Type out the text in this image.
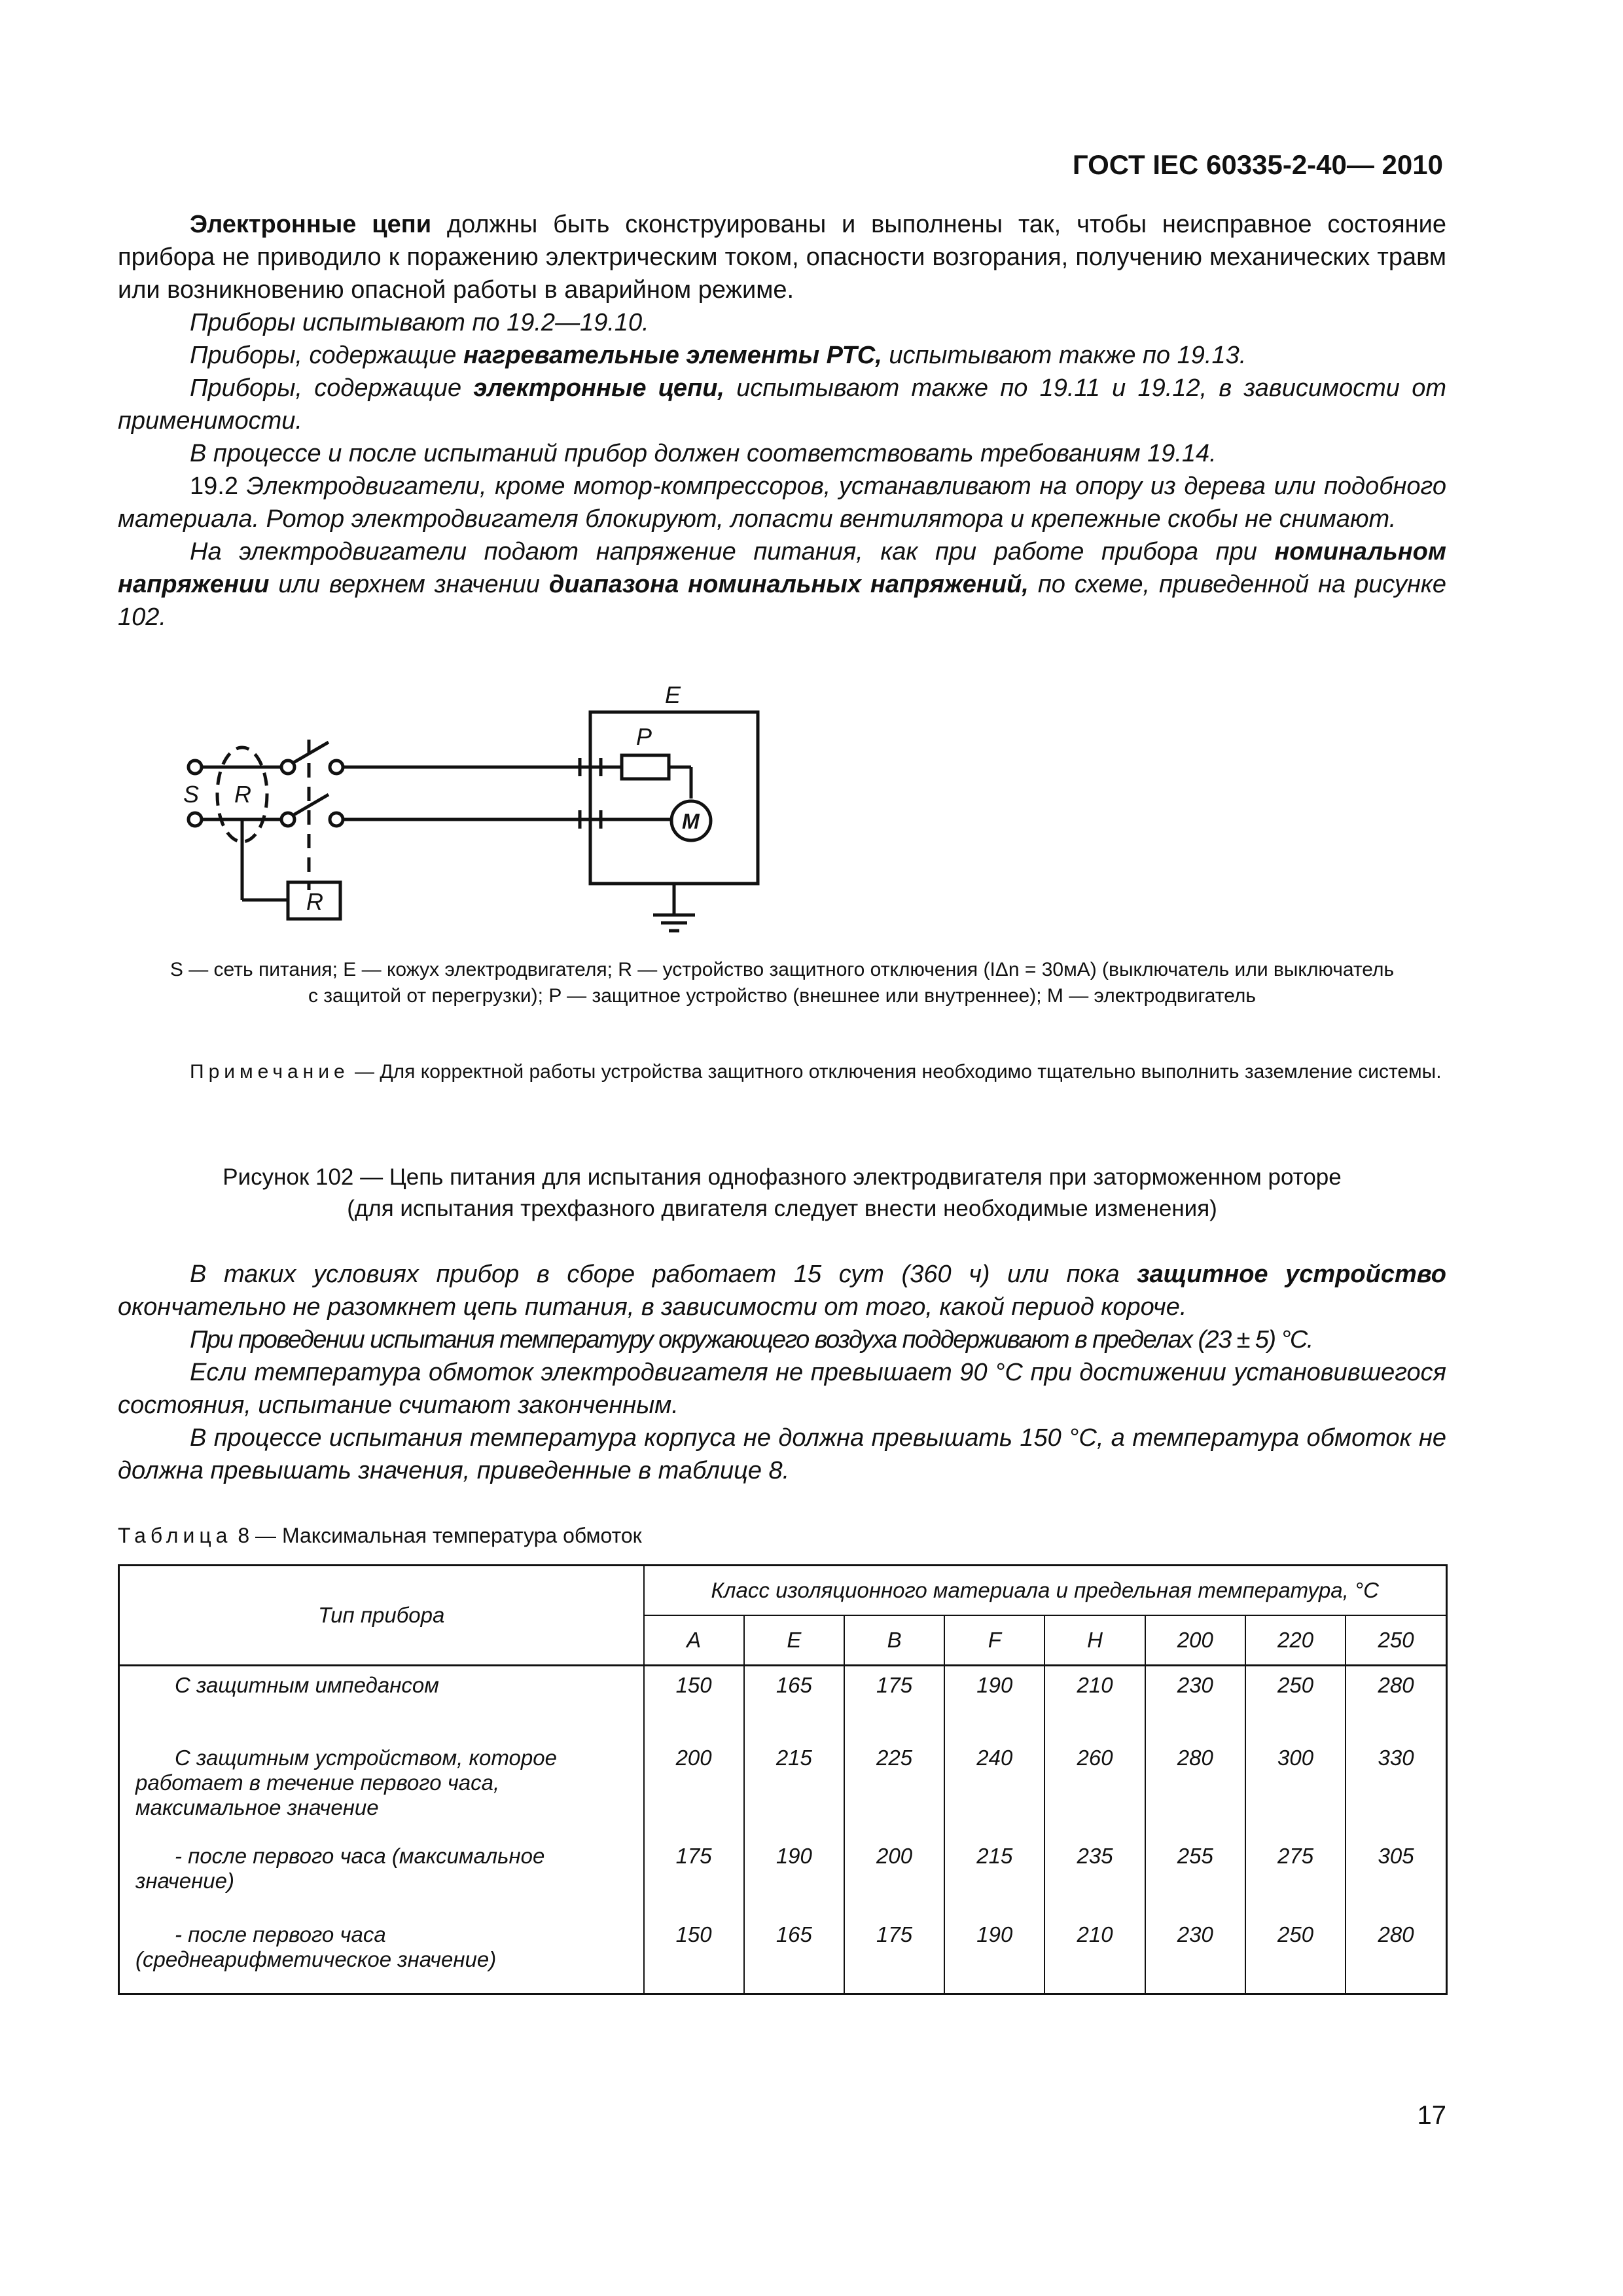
ГОСТ IEC 60335-2-40— 2010

Электронные цепи должны быть сконструированы и выполнены так, чтобы неисправное состояние прибора не приводило к поражению электрическим током, опасности возгорания, получению механических травм или возникновению опасной работы в аварийном режиме.

Приборы испытывают по 19.2—19.10.

Приборы, содержащие нагревательные элементы РТС, испытывают также по 19.13.

Приборы, содержащие электронные цепи, испытывают также по 19.11 и 19.12, в зависимости от применимости.

В процессе и после испытаний прибор должен соответствовать требованиям 19.14.

19.2 Электродвигатели, кроме мотор-компрессоров, устанавливают на опору из дерева или подобного материала. Ротор электродвигателя блокируют, лопасти вентилятора и крепежные скобы не снимают.

На электродвигатели подают напряжение питания, как при работе прибора при номинальном напряжении или верхнем значении диапазона номинальных напряжений, по схеме, приведенной на рисунке 102.

E
P
M
S R
R
S — сеть питания; E — кожух электродвигателя; R — устройство защитного отключения (IΔn = 30мА) (выключатель или выключатель
с защитой от перегрузки); P — защитное устройство (внешнее или внутреннее); M — электродвигатель
Примечание — Для корректной работы устройства защитного отключения необходимо тщательно выполнить заземление системы.
Рисунок 102 — Цепь питания для испытания однофазного электродвигателя при заторможенном роторе
(для испытания трехфазного двигателя следует внести необходимые изменения)

В таких условиях прибор в сборе работает 15 сут (360 ч) или пока защитное устройство окончательно не разомкнет цепь питания, в зависимости от того, какой период короче.

При проведении испытания температуру окружающего воздуха поддерживают в пределах (23 ± 5) °С.

Если температура обмоток электродвигателя не превышает 90 °С при достижении установившегося состояния, испытание считают законченным.

В процессе испытания температура корпуса не должна превышать 150 °С, а температура обмоток не должна превышать значения, приведенные в таблице 8.

Таблица 8 — Максимальная температура обмоток
Тип прибора	Класс изоляционного материала и предельная температура, °С							
	A	E	B	F	H	200	220	250
С защитным импедансом	150	165	175	190	210	230	250	280
С защитным устройством, которое работает в течение первого часа, максимальное значение	200	215	225	240	260	280	300	330
- после первого часа (максимальное значение)	175	190	200	215	235	255	275	305
- после первого часа (среднеарифметическое значение)	150	165	175	190	210	230	250	280
17
